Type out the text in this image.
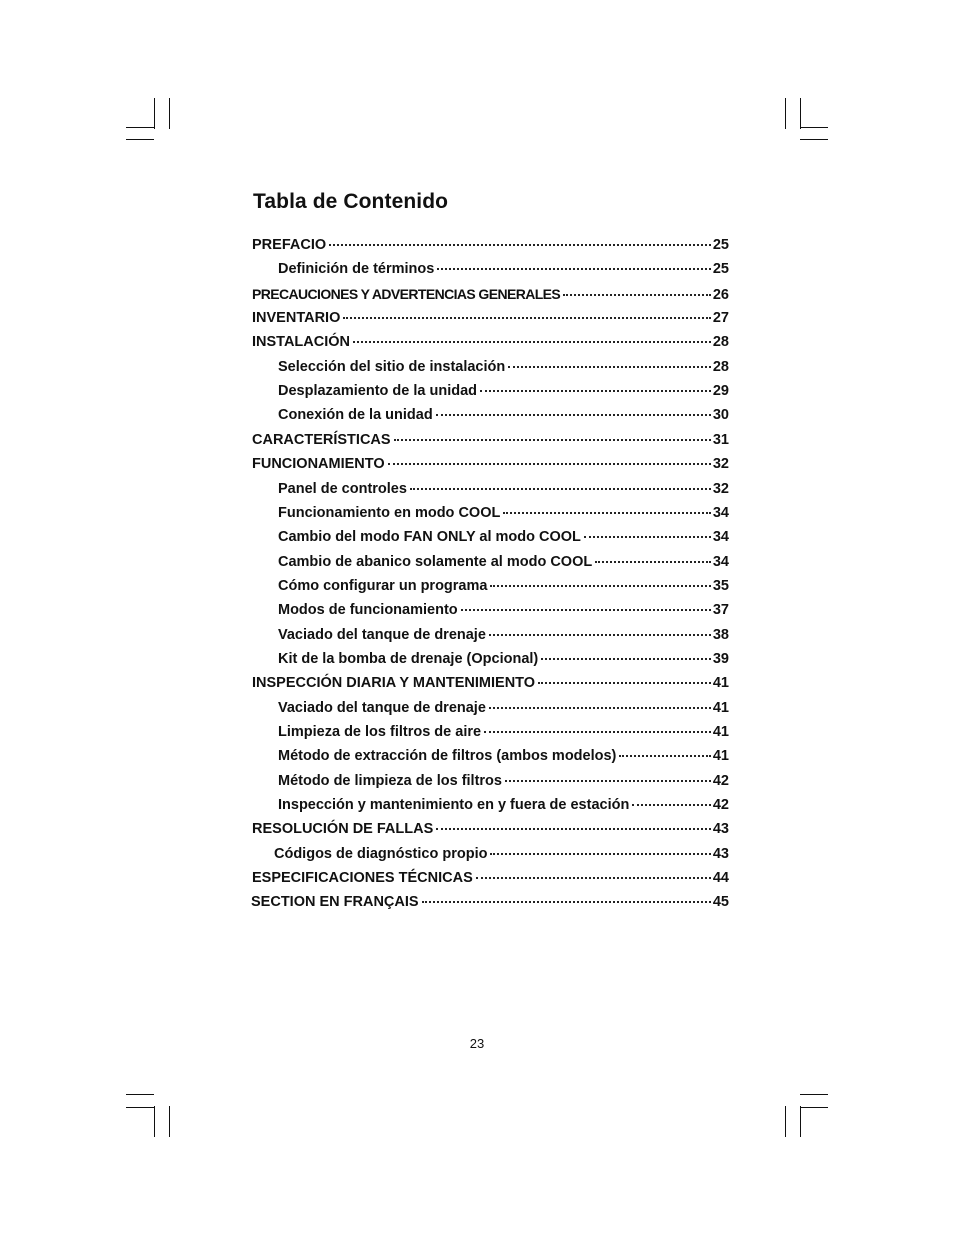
Tabla de Contenido
PREFACIO	25
Definición de términos	25
PRECAUCIONES Y ADVERTENCIAS GENERALES	26
INVENTARIO	27
INSTALACIÓN	28
Selección del sitio de instalación	28
Desplazamiento de la unidad	29
Conexión de la unidad	30
CARACTERÍSTICAS	31
FUNCIONAMIENTO	32
Panel de controles	32
Funcionamiento en modo COOL	34
Cambio del modo FAN ONLY al modo COOL	34
Cambio de abanico solamente al modo COOL	34
Cómo configurar un programa	35
Modos de funcionamiento	37
Vaciado del tanque de drenaje	38
Kit de la bomba de drenaje (Opcional)	39
INSPECCIÓN DIARIA Y MANTENIMIENTO	41
Vaciado del tanque de drenaje	41
Limpieza de los filtros de aire	41
Método de extracción de filtros (ambos modelos)	41
Método de limpieza de los filtros	42
Inspección y mantenimiento en y fuera de estación	42
RESOLUCIÓN DE FALLAS	43
Códigos de diagnóstico propio	43
ESPECIFICACIONES TÉCNICAS	44
SECTION EN FRANÇAIS	45
23
